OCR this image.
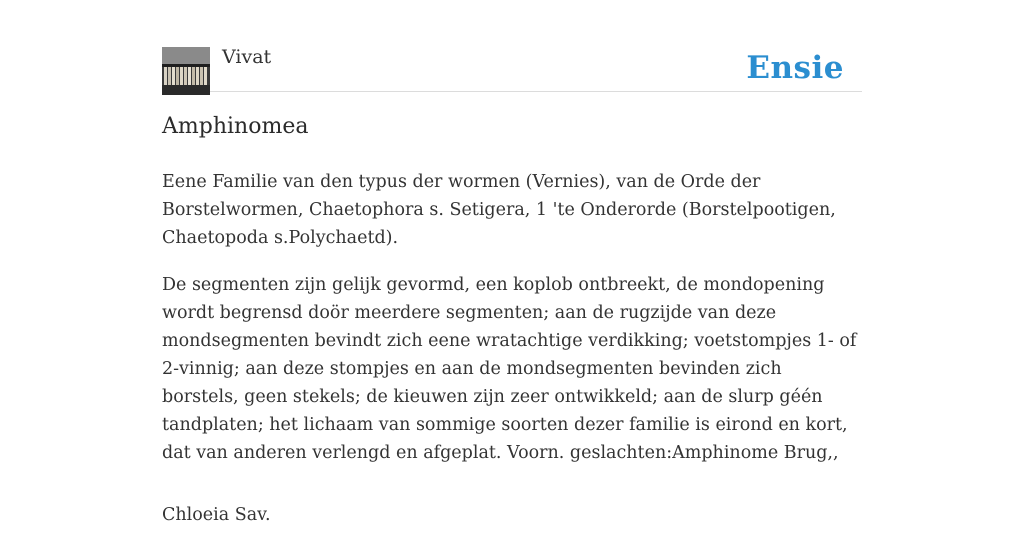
Vivat	Ensie
Amphinomea

Eene Familie van den typus der wormen (Vernies), van de Orde der Borstelwormen, Chaetophora s. Setigera, 1 'te Onderorde (Borstelpootigen, Chaetopoda s.Polychaetd).

De segmenten zijn gelijk gevormd, een koplob ontbreekt, de mondopening wordt begrensd doör meerdere segmenten; aan de rugzijde van deze mondsegmenten bevindt zich eene wratachtige verdikking; voetstompjes 1- of 2-vinnig; aan deze stompjes en aan de mondsegmenten bevinden zich borstels, geen stekels; de kieuwen zijn zeer ontwikkeld; aan de slurp géén tandplaten; het lichaam van sommige soorten dezer familie is eirond en kort, dat van anderen verlengd en afgeplat. Voorn. geslachten:Amphinome Brug,,

Chloeia Sav.
